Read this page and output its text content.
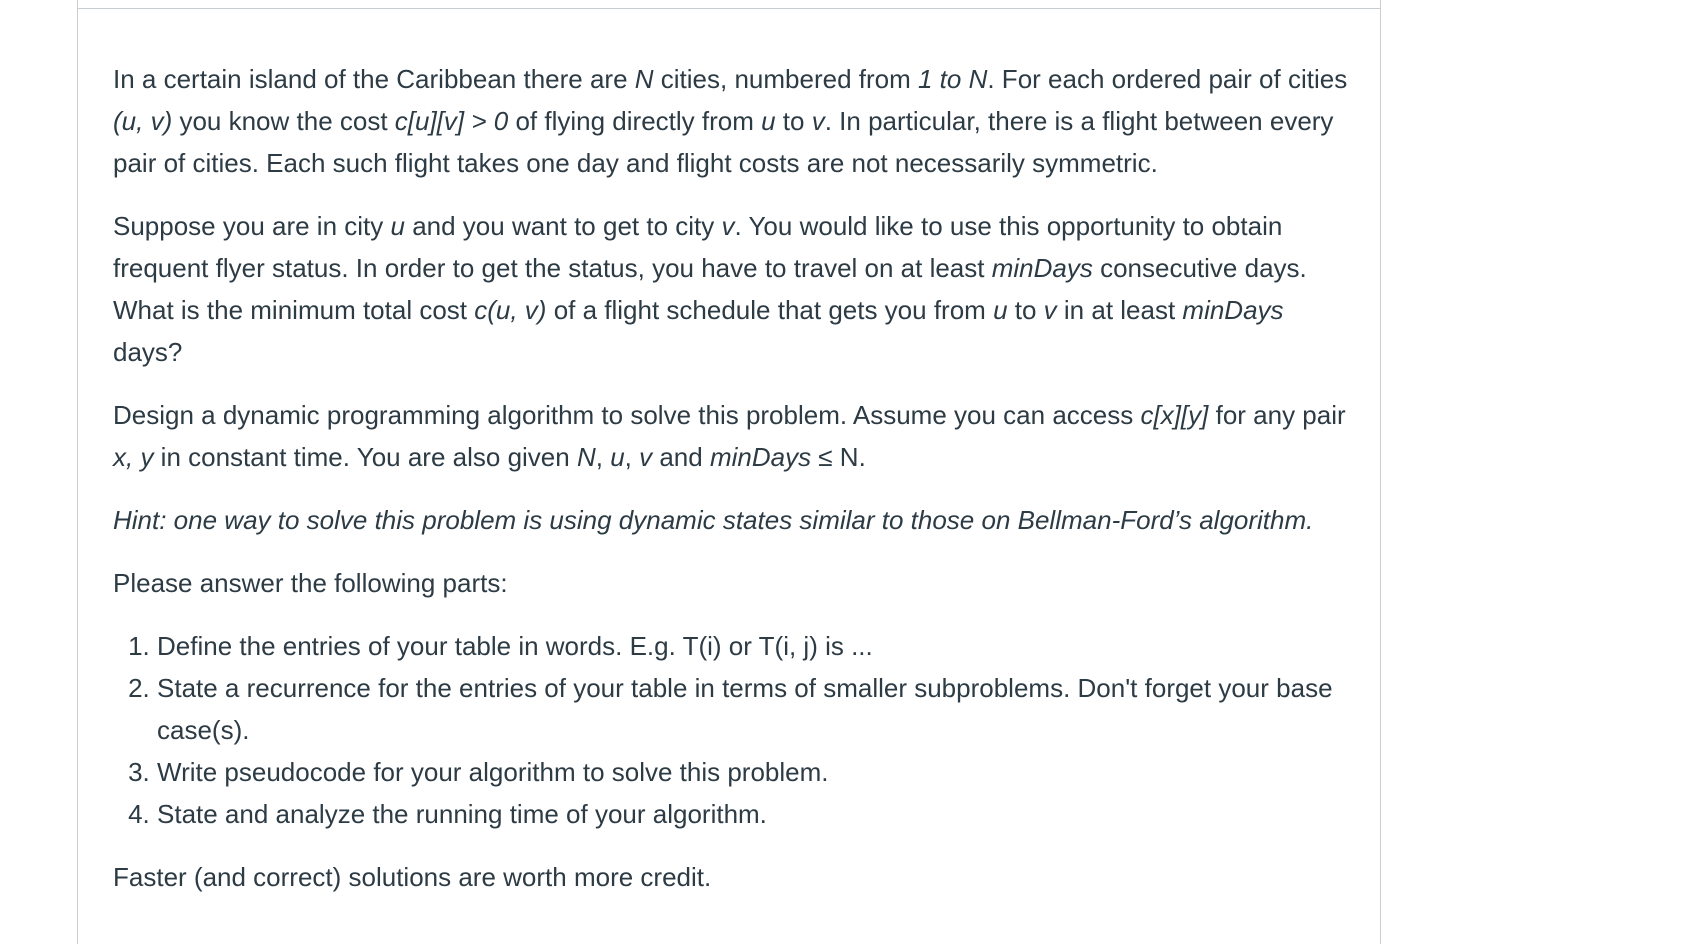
In a certain island of the Caribbean there are N cities, numbered from 1 to N. For each ordered pair of cities (u, v) you know the cost c[u][v] > 0 of flying directly from u to v. In particular, there is a flight between every pair of cities. Each such flight takes one day and flight costs are not necessarily symmetric.

Suppose you are in city u and you want to get to city v. You would like to use this opportunity to obtain frequent flyer status. In order to get the status, you have to travel on at least minDays consecutive days. What is the minimum total cost c(u, v) of a flight schedule that gets you from u to v in at least minDays days?

Design a dynamic programming algorithm to solve this problem. Assume you can access c[x][y] for any pair x, y in constant time. You are also given N, u, v and minDays ≤ N.

Hint: one way to solve this problem is using dynamic states similar to those on Bellman-Ford’s algorithm.

Please answer the following parts:

1. Define the entries of your table in words. E.g. T(i) or T(i, j) is ...
2. State a recurrence for the entries of your table in terms of smaller subproblems. Don't forget your base case(s).
3. Write pseudocode for your algorithm to solve this problem.
4. State and analyze the running time of your algorithm.

Faster (and correct) solutions are worth more credit.
